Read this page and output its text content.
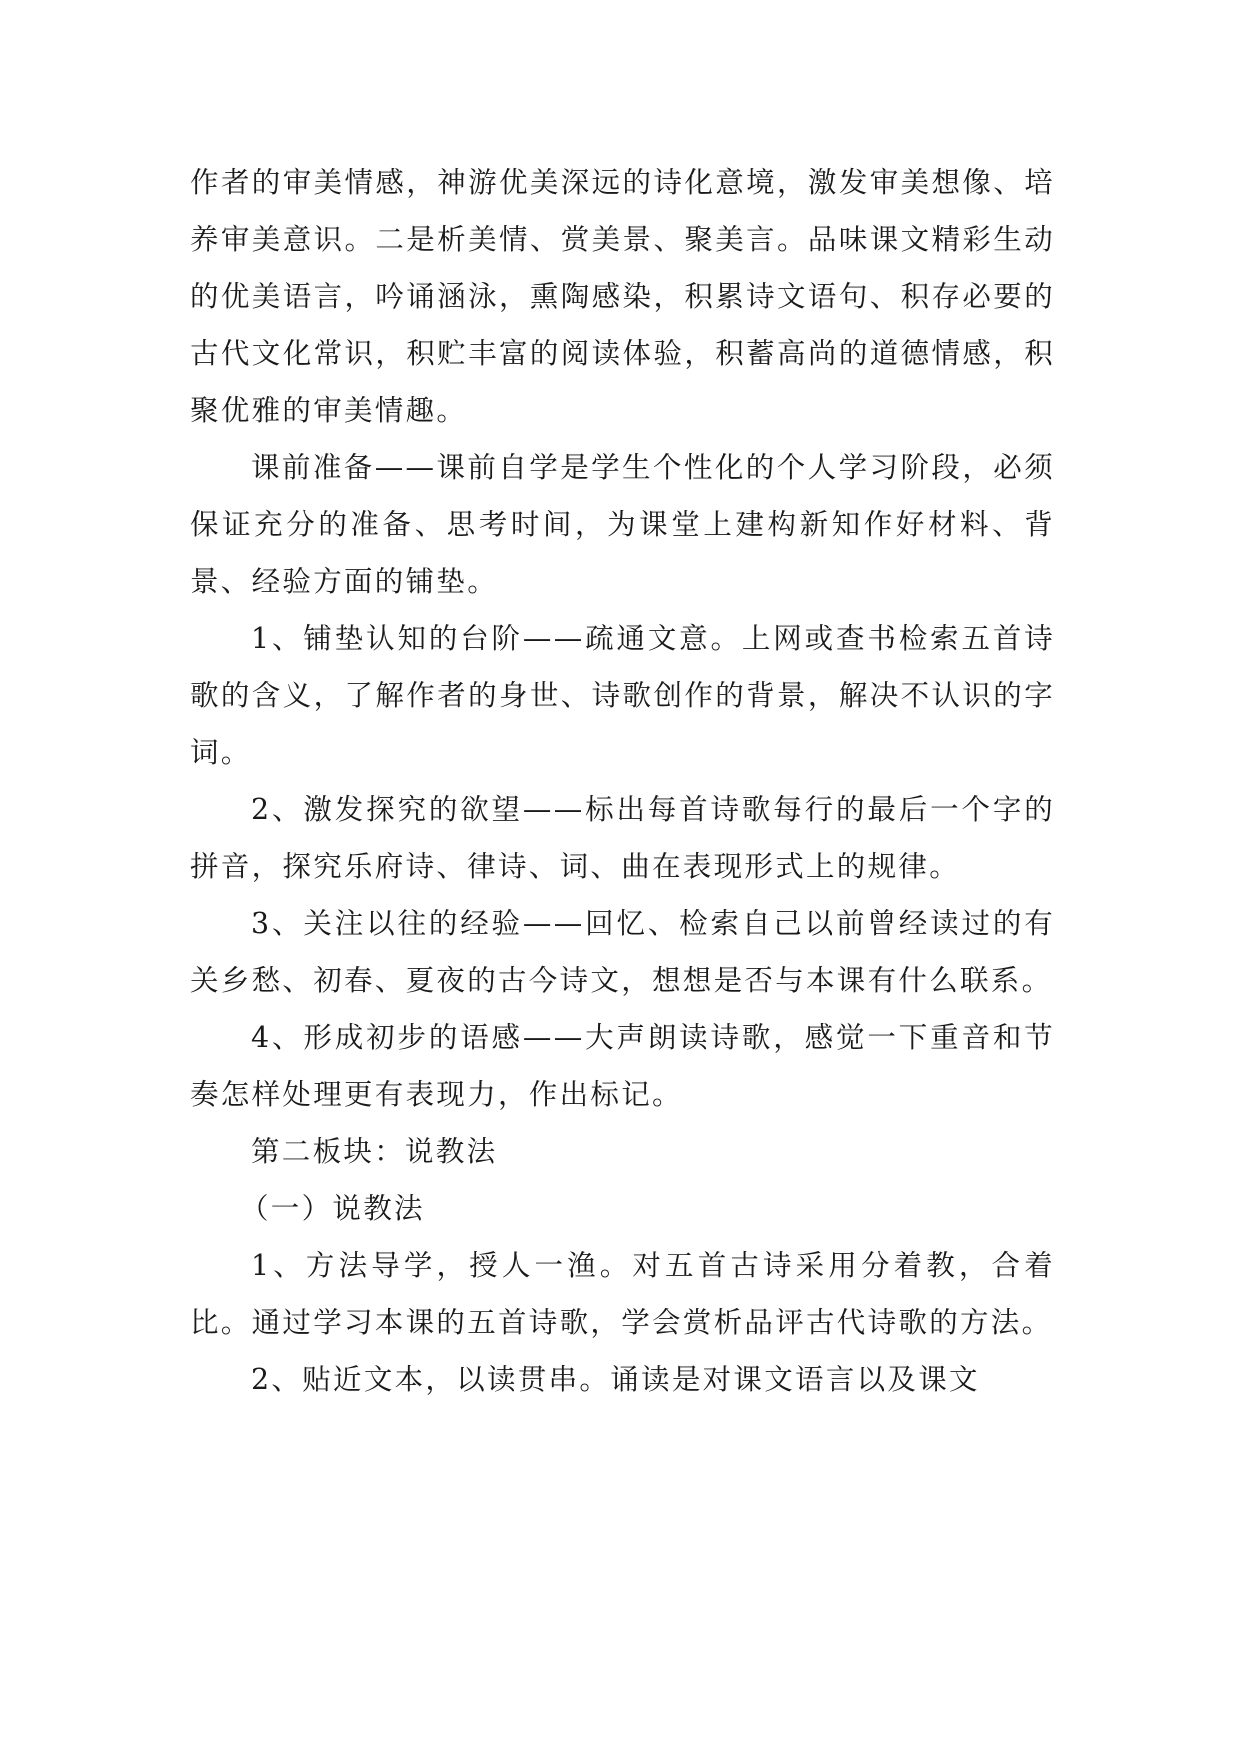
作者的审美情感，神游优美深远的诗化意境，激发审美想像、培养审美意识。二是析美情、赏美景、聚美言。品味课文精彩生动的优美语言，吟诵涵泳，熏陶感染，积累诗文语句、积存必要的古代文化常识，积贮丰富的阅读体验，积蓄高尚的道德情感，积聚优雅的审美情趣。

课前准备——课前自学是学生个性化的个人学习阶段，必须保证充分的准备、思考时间，为课堂上建构新知作好材料、背景、经验方面的铺垫。

1、铺垫认知的台阶——疏通文意。上网或查书检索五首诗歌的含义，了解作者的身世、诗歌创作的背景，解决不认识的字词。

2、激发探究的欲望——标出每首诗歌每行的最后一个字的拼音，探究乐府诗、律诗、词、曲在表现形式上的规律。

3、关注以往的经验——回忆、检索自己以前曾经读过的有关乡愁、初春、夏夜的古今诗文，想想是否与本课有什么联系。

4、形成初步的语感——大声朗读诗歌，感觉一下重音和节奏怎样处理更有表现力，作出标记。

第二板块：说教法

（一）说教法

1、方法导学，授人一渔。对五首古诗采用分着教，合着比。通过学习本课的五首诗歌，学会赏析品评古代诗歌的方法。

2、贴近文本，以读贯串。诵读是对课文语言以及课文
